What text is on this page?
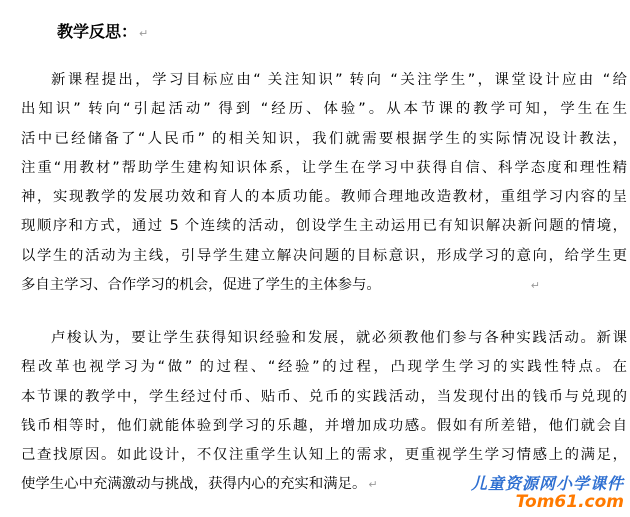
教学反思： ↵
新课程提出，学习目标应由“ 关注知识” 转向 “关注学生”，课堂设计应由 “给
出知识” 转向“引起活动” 得到 “经历、体验”。从本节课的教学可知，学生在生
活中已经储备了“人民币” 的相关知识，我们就需要根据学生的实际情况设计教法，
注重“用教材”帮助学生建构知识体系，让学生在学习中获得自信、科学态度和理性精
神，实现教学的发展功效和育人的本质功能。教师合理地改造教材，重组学习内容的呈
现顺序和方式，通过 5 个连续的活动，创设学生主动运用已有知识解决新问题的情境，
以学生的活动为主线，引导学生建立解决问题的目标意识，形成学习的意向，给学生更
多自主学习、合作学习的机会，促进了学生的主体参与。	↵
卢梭认为，要让学生获得知识经验和发展，就必须教他们参与各种实践活动。新课
程改革也视学习为“做” 的过程、“经验”的过程，凸现学生学习的实践性特点。在
本节课的教学中，学生经过付币、贴币、兑币的实践活动，当发现付出的钱币与兑现的
钱币相等时，他们就能体验到学习的乐趣，并增加成功感。假如有所差错，他们就会自
己查找原因。如此设计，不仅注重学生认知上的需求，更重视学生学习情感上的满足，
使学生心中充满激动与挑战，获得内心的充实和满足。 ↵	儿童资源网小学课件
Tom61.com
